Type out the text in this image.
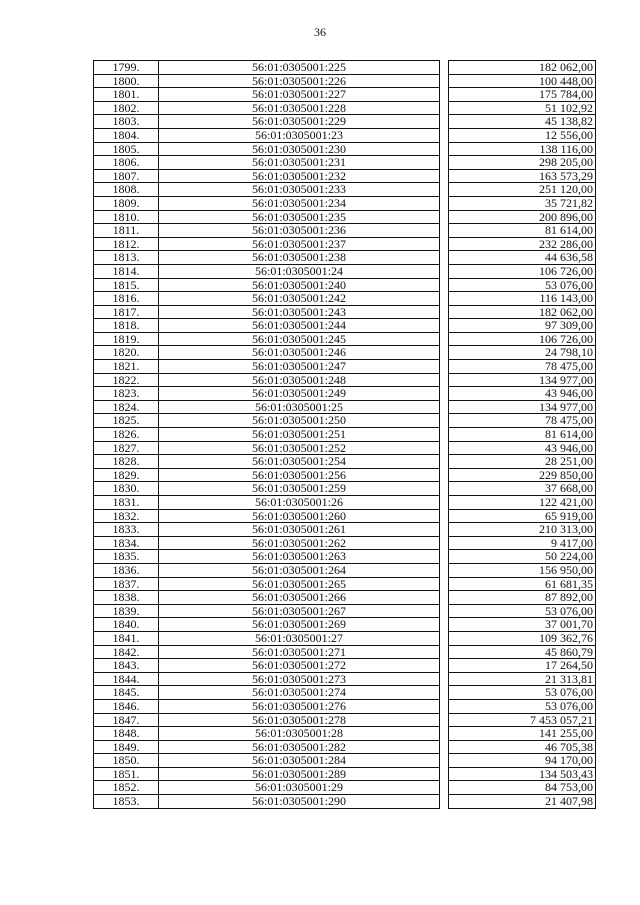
36
1799.	56:01:0305001:225		182 062,00
1800.	56:01:0305001:226		100 448,00
1801.	56:01:0305001:227		175 784,00
1802.	56:01:0305001:228		51 102,92
1803.	56:01:0305001:229		45 138,82
1804.	56:01:0305001:23		12 556,00
1805.	56:01:0305001:230		138 116,00
1806.	56:01:0305001:231		298 205,00
1807.	56:01:0305001:232		163 573,29
1808.	56:01:0305001:233		251 120,00
1809.	56:01:0305001:234		35 721,82
1810.	56:01:0305001:235		200 896,00
1811.	56:01:0305001:236		81 614,00
1812.	56:01:0305001:237		232 286,00
1813.	56:01:0305001:238		44 636,58
1814.	56:01:0305001:24		106 726,00
1815.	56:01:0305001:240		53 076,00
1816.	56:01:0305001:242		116 143,00
1817.	56:01:0305001:243		182 062,00
1818.	56:01:0305001:244		97 309,00
1819.	56:01:0305001:245		106 726,00
1820.	56:01:0305001:246		24 798,10
1821.	56:01:0305001:247		78 475,00
1822.	56:01:0305001:248		134 977,00
1823.	56:01:0305001:249		43 946,00
1824.	56:01:0305001:25		134 977,00
1825.	56:01:0305001:250		78 475,00
1826.	56:01:0305001:251		81 614,00
1827.	56:01:0305001:252		43 946,00
1828.	56:01:0305001:254		28 251,00
1829.	56:01:0305001:256		229 850,00
1830.	56:01:0305001:259		37 668,00
1831.	56:01:0305001:26		122 421,00
1832.	56:01:0305001:260		65 919,00
1833.	56:01:0305001:261		210 313,00
1834.	56:01:0305001:262		9 417,00
1835.	56:01:0305001:263		50 224,00
1836.	56:01:0305001:264		156 950,00
1837.	56:01:0305001:265		61 681,35
1838.	56:01:0305001:266		87 892,00
1839.	56:01:0305001:267		53 076,00
1840.	56:01:0305001:269		37 001,70
1841.	56:01:0305001:27		109 362,76
1842.	56:01:0305001:271		45 860,79
1843.	56:01:0305001:272		17 264,50
1844.	56:01:0305001:273		21 313,81
1845.	56:01:0305001:274		53 076,00
1846.	56:01:0305001:276		53 076,00
1847.	56:01:0305001:278		7 453 057,21
1848.	56:01:0305001:28		141 255,00
1849.	56:01:0305001:282		46 705,38
1850.	56:01:0305001:284		94 170,00
1851.	56:01:0305001:289		134 503,43
1852.	56:01:0305001:29		84 753,00
1853.	56:01:0305001:290		21 407,98
